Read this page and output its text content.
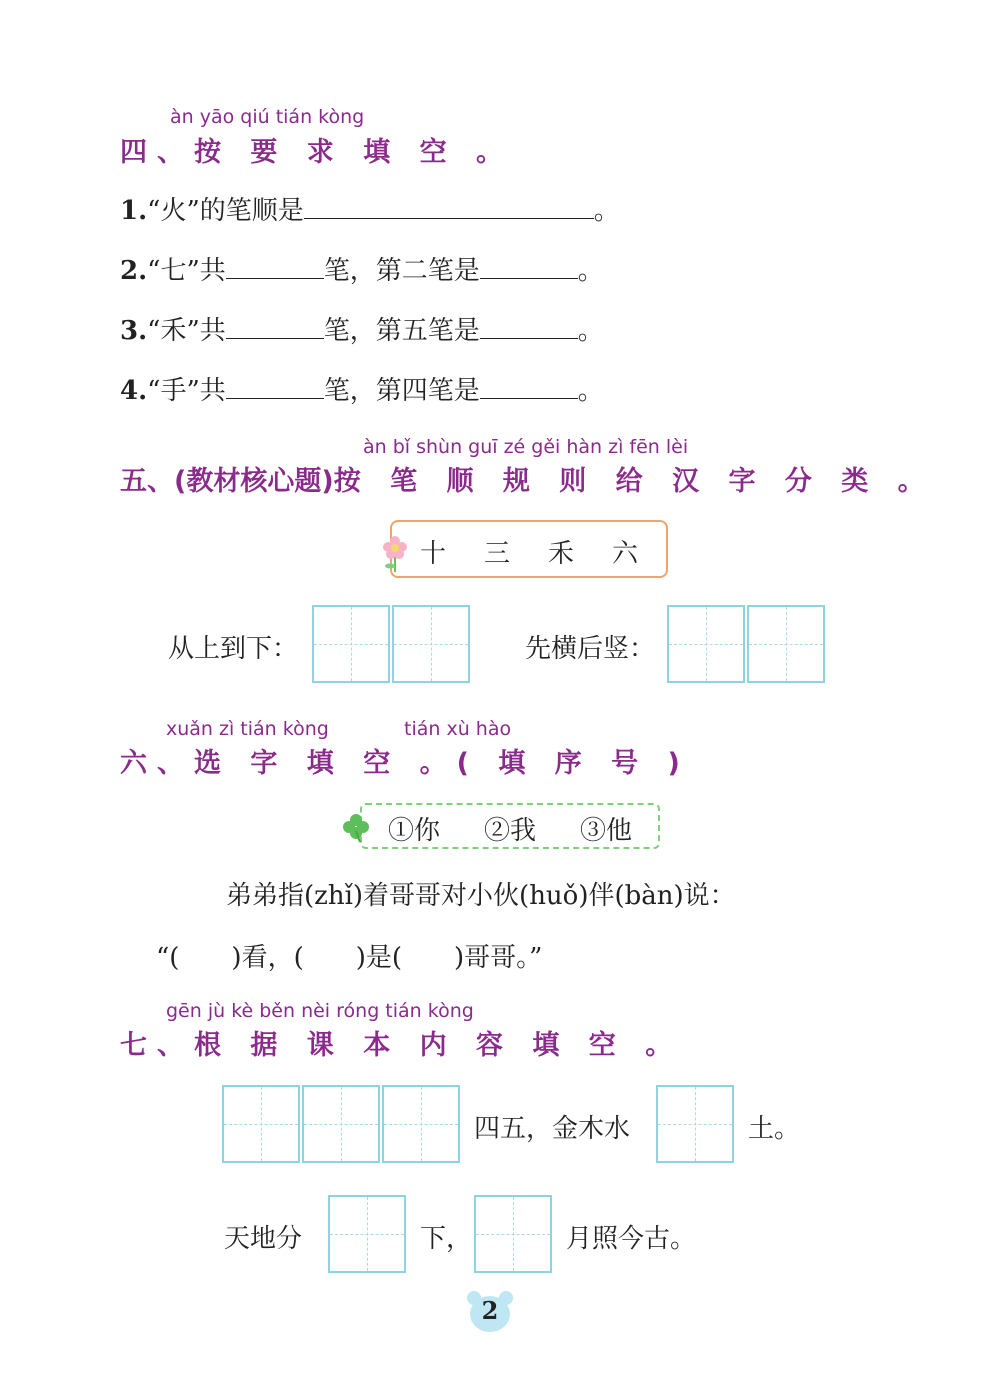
àn yāo qiú tián kòng
四、按 要 求 填 空 。
1.“火”的笔顺是	。
2.“七”共	笔，第二笔是	。
3.“禾”共	笔，第五笔是	。
4.“手”共	笔，第四笔是	。
àn bǐ shùn guī zé gěi hàn zì fēn lèi
五、(教材核心题)按 笔 顺 规 则 给 汉 字 分 类 。
十 三 禾 六
从上到下：	先横后竖：
xuǎn zì tián kòng	tián xù hào
六、选 字 填 空 。( 填 序 号 )
①你 ②我 ③他
弟弟指(zhǐ)着哥哥对小伙(huǒ)伴(bàn)说：
“(　　)看，(　　)是(　　)哥哥。”
gēn jù kè běn nèi róng tián kòng
七、根 据 课 本 内 容 填 空 。
四五，金木水	土。
天地分	下，	月照今古。
2
